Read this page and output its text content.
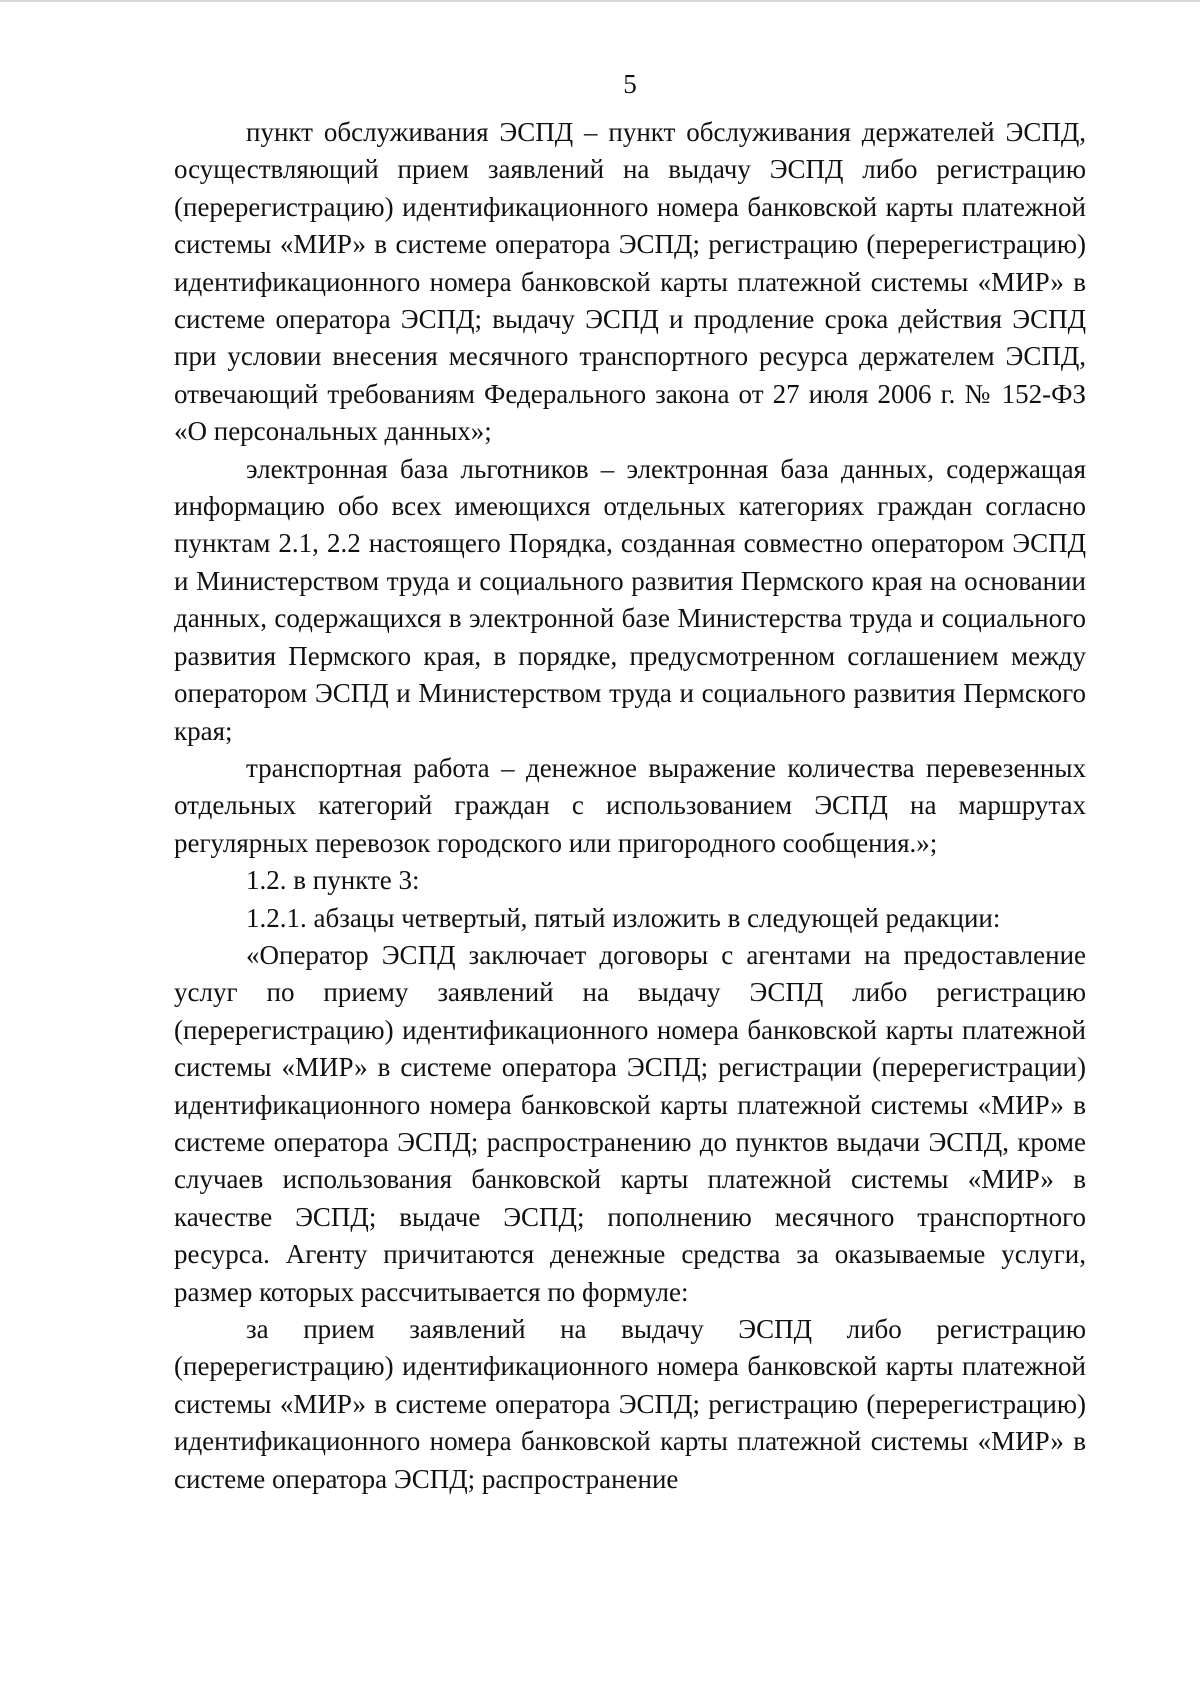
5

пункт обслуживания ЭСПД – пункт обслуживания держателей ЭСПД, осуществляющий прием заявлений на выдачу ЭСПД либо регистрацию (перерегистрацию) идентификационного номера банковской карты платежной системы «МИР» в системе оператора ЭСПД; регистрацию (перерегистрацию) идентификационного номера банковской карты платежной системы «МИР» в системе оператора ЭСПД; выдачу ЭСПД и продление срока действия ЭСПД при условии внесения месячного транспортного ресурса держателем ЭСПД, отвечающий требованиям Федерального закона от 27 июля 2006 г. № 152-ФЗ «О персональных данных»;

электронная база льготников – электронная база данных, содержащая информацию обо всех имеющихся отдельных категориях граждан согласно пунктам 2.1, 2.2 настоящего Порядка, созданная совместно оператором ЭСПД и Министерством труда и социального развития Пермского края на основании данных, содержащихся в электронной базе Министерства труда и социального развития Пермского края, в порядке, предусмотренном соглашением между оператором ЭСПД и Министерством труда и социального развития Пермского края;

транспортная работа – денежное выражение количества перевезенных отдельных категорий граждан с использованием ЭСПД на маршрутах регулярных перевозок городского или пригородного сообщения.»;

1.2. в пункте 3:

1.2.1. абзацы четвертый, пятый изложить в следующей редакции:

«Оператор ЭСПД заключает договоры с агентами на предоставление услуг по приему заявлений на выдачу ЭСПД либо регистрацию (перерегистрацию) идентификационного номера банковской карты платежной системы «МИР» в системе оператора ЭСПД; регистрации (перерегистрации) идентификационного номера банковской карты платежной системы «МИР» в системе оператора ЭСПД; распространению до пунктов выдачи ЭСПД, кроме случаев использования банковской карты платежной системы «МИР» в качестве ЭСПД; выдаче ЭСПД; пополнению месячного транспортного ресурса. Агенту причитаются денежные средства за оказываемые услуги, размер которых рассчитывается по формуле:

за прием заявлений на выдачу ЭСПД либо регистрацию (перерегистрацию) идентификационного номера банковской карты платежной системы «МИР» в системе оператора ЭСПД; регистрацию (перерегистрацию) идентификационного номера банковской карты платежной системы «МИР» в системе оператора ЭСПД; распространение
